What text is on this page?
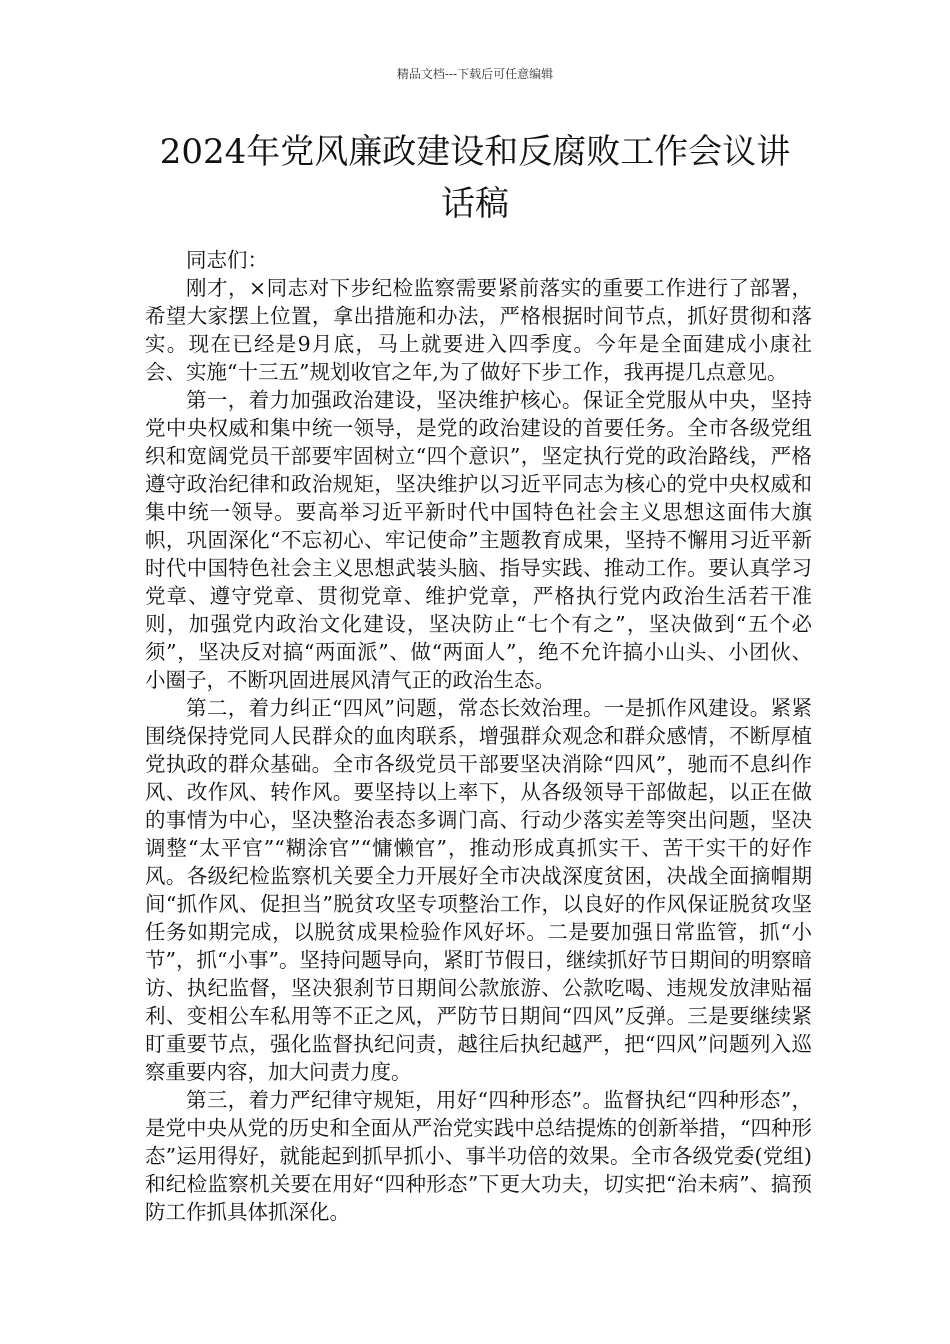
精品文档---下载后可任意编辑
2024年党风廉政建设和反腐败工作会议讲
话稿

同志们：

刚才，×同志对下步纪检监察需要紧前落实的重要工作进行了部署，希望大家摆上位置，拿出措施和办法，严格根据时间节点，抓好贯彻和落实。现在已经是9月底，马上就要进入四季度。今年是全面建成小康社会、实施“十三五”规划收官之年,为了做好下步工作，我再提几点意见。

第一，着力加强政治建设，坚决维护核心。保证全党服从中央，坚持党中央权威和集中统一领导，是党的政治建设的首要任务。全市各级党组织和宽阔党员干部要牢固树立“四个意识”，坚定执行党的政治路线，严格遵守政治纪律和政治规矩，坚决维护以习近平同志为核心的党中央权威和集中统一领导。要高举习近平新时代中国特色社会主义思想这面伟大旗帜，巩固深化“不忘初心、牢记使命”主题教育成果，坚持不懈用习近平新时代中国特色社会主义思想武装头脑、指导实践、推动工作。要认真学习党章、遵守党章、贯彻党章、维护党章，严格执行党内政治生活若干准则，加强党内政治文化建设，坚决防止“七个有之”，坚决做到“五个必须”，坚决反对搞“两面派”、做“两面人”，绝不允许搞小山头、小团伙、小圈子，不断巩固进展风清气正的政治生态。

第二，着力纠正“四风”问题，常态长效治理。一是抓作风建设。紧紧围绕保持党同人民群众的血肉联系，增强群众观念和群众感情，不断厚植党执政的群众基础。全市各级党员干部要坚决消除“四风”，驰而不息纠作风、改作风、转作风。要坚持以上率下，从各级领导干部做起，以正在做的事情为中心，坚决整治表态多调门高、行动少落实差等突出问题，坚决调整“太平官”“糊涂官”“慵懒官”，推动形成真抓实干、苦干实干的好作风。各级纪检监察机关要全力开展好全市决战深度贫困，决战全面摘帽期间“抓作风、促担当”脱贫攻坚专项整治工作，以良好的作风保证脱贫攻坚任务如期完成，以脱贫成果检验作风好坏。二是要加强日常监管，抓“小节”，抓“小事”。坚持问题导向，紧盯节假日，继续抓好节日期间的明察暗访、执纪监督，坚决狠刹节日期间公款旅游、公款吃喝、违规发放津贴福利、变相公车私用等不正之风，严防节日期间“四风”反弹。三是要继续紧盯重要节点，强化监督执纪问责，越往后执纪越严，把“四风”问题列入巡察重要内容，加大问责力度。

第三，着力严纪律守规矩，用好“四种形态”。监督执纪“四种形态”，是党中央从党的历史和全面从严治党实践中总结提炼的创新举措，“四种形态”运用得好，就能起到抓早抓小、事半功倍的效果。全市各级党委(党组)和纪检监察机关要在用好“四种形态”下更大功夫，切实把“治未病”、搞预防工作抓具体抓深化。
